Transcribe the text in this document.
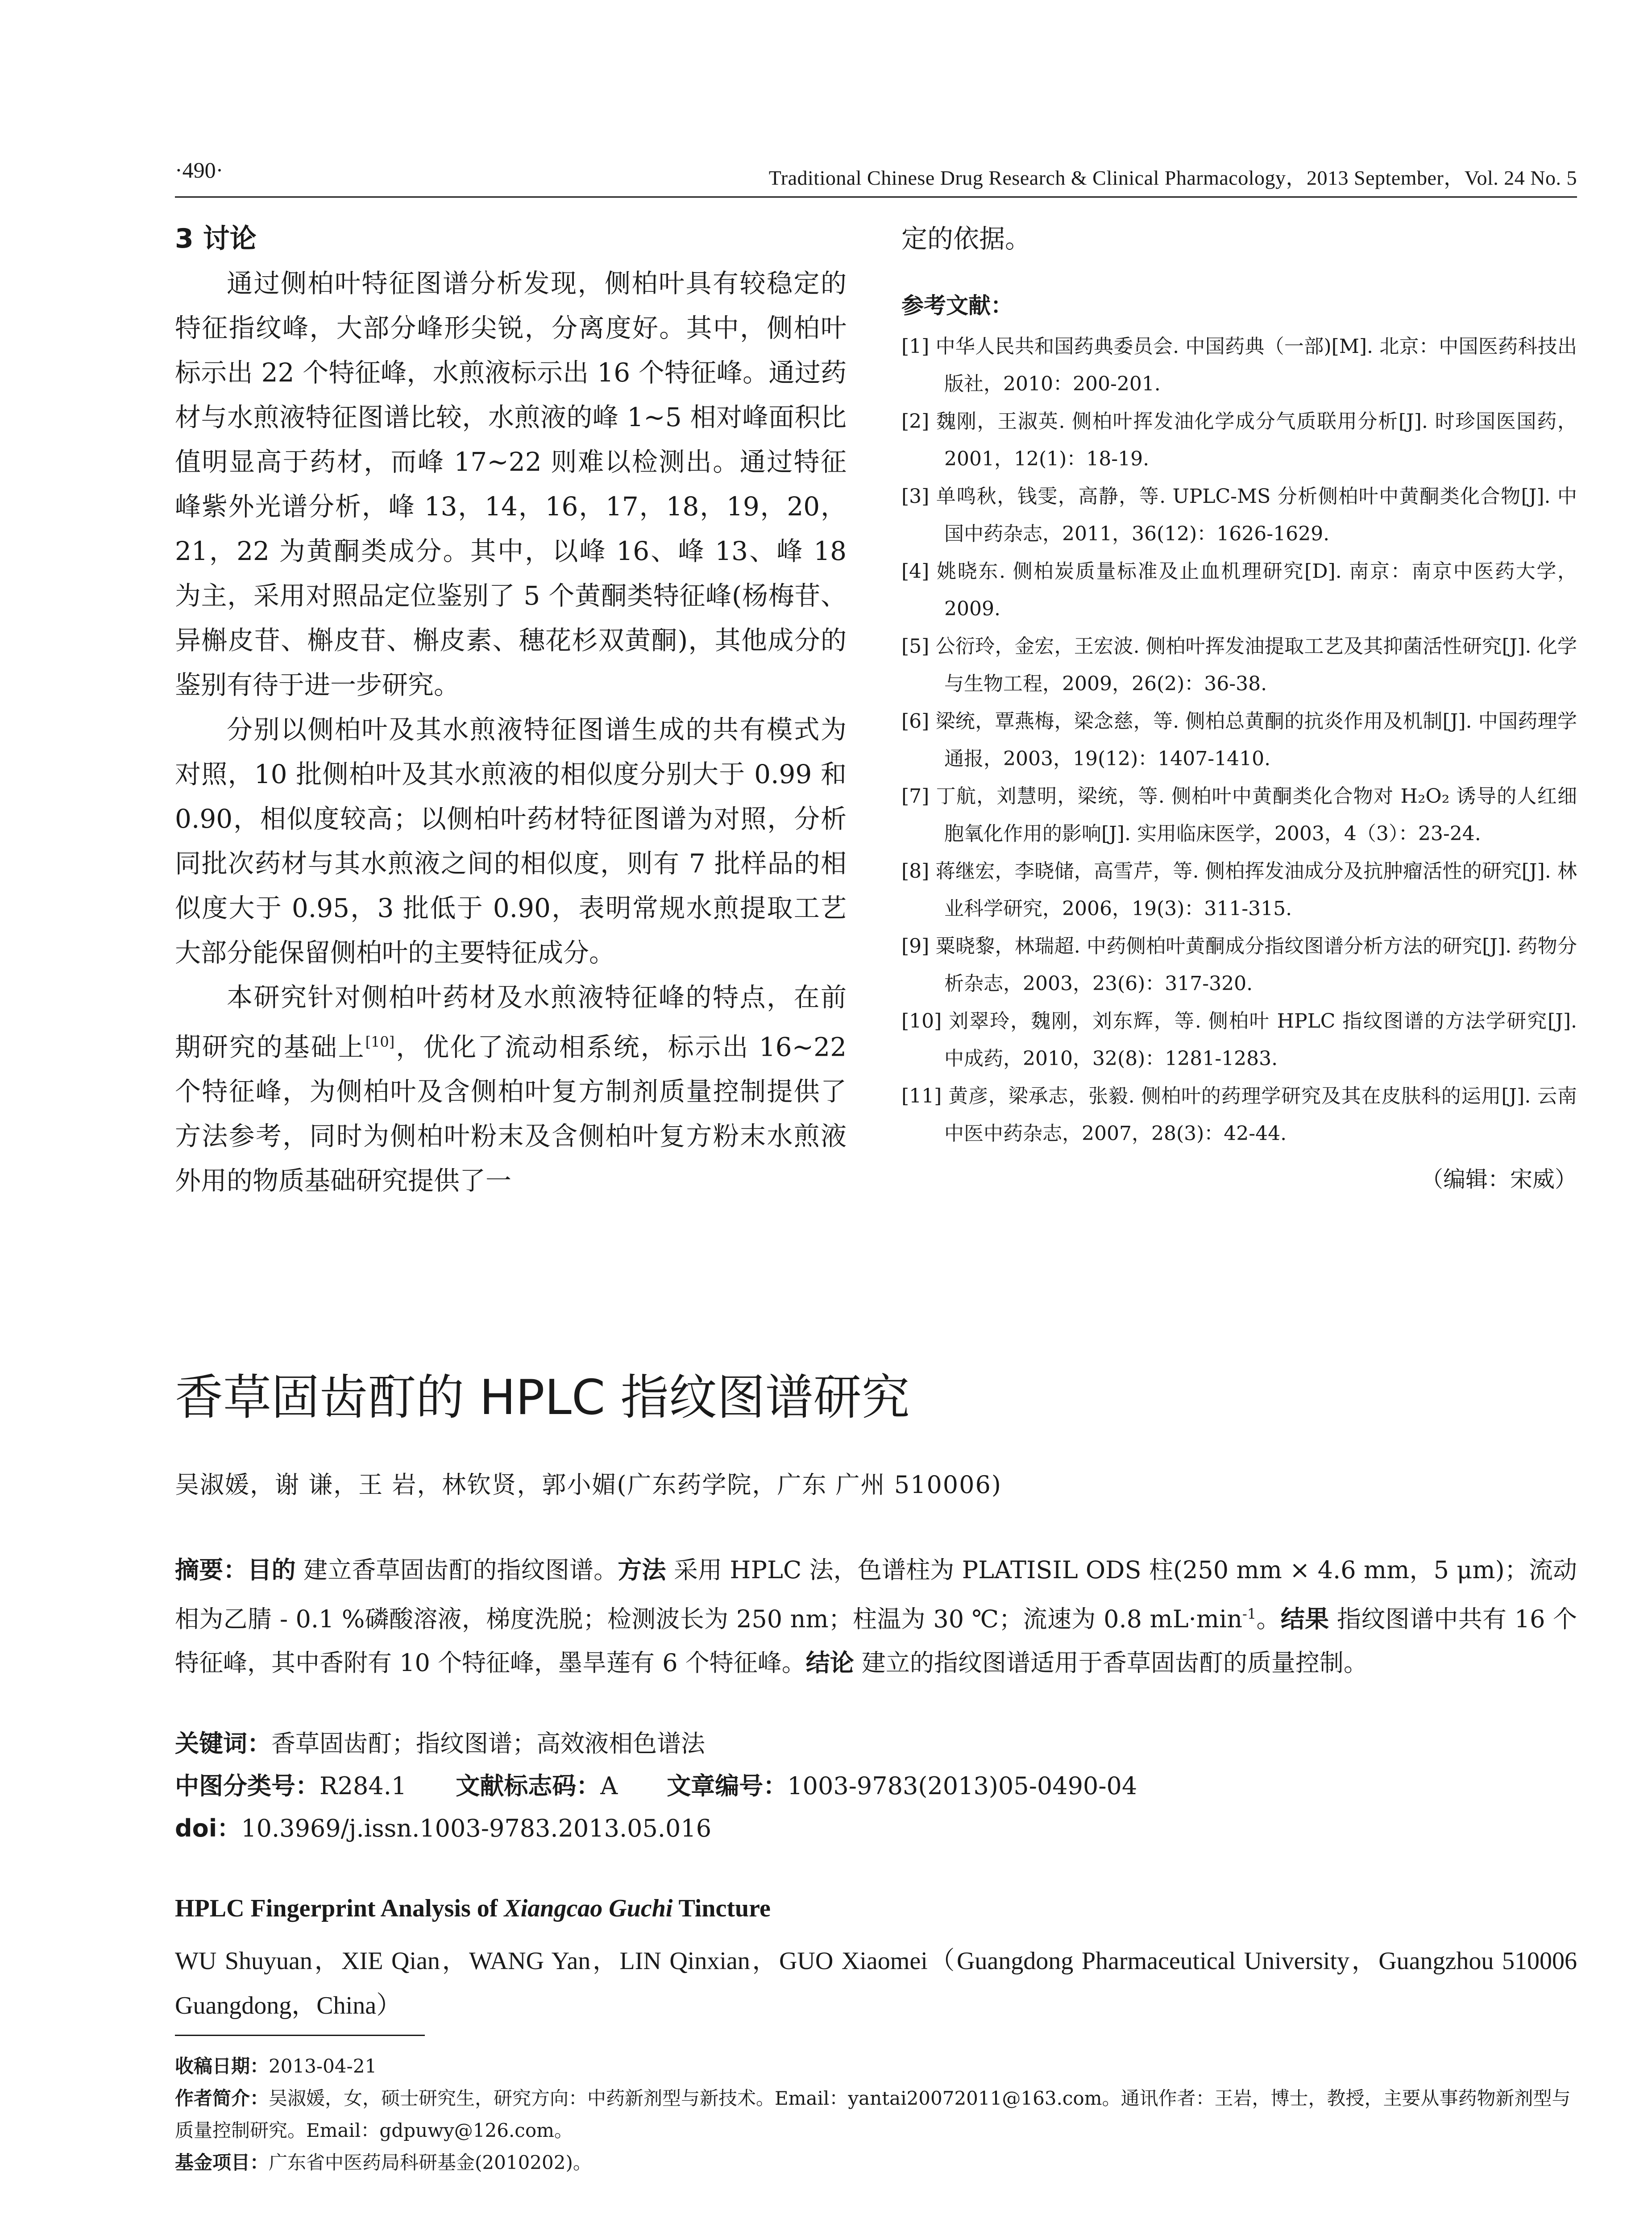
·490·	Traditional Chinese Drug Research & Clinical Pharmacology，2013 September，Vol. 24 No. 5
3 讨论

通过侧柏叶特征图谱分析发现，侧柏叶具有较稳定的特征指纹峰，大部分峰形尖锐，分离度好。其中，侧柏叶标示出 22 个特征峰，水煎液标示出 16 个特征峰。通过药材与水煎液特征图谱比较，水煎液的峰 1~5 相对峰面积比值明显高于药材，而峰 17~22 则难以检测出。通过特征峰紫外光谱分析，峰 13，14，16，17，18，19，20，21，22 为黄酮类成分。其中，以峰 16、峰 13、峰 18 为主，采用对照品定位鉴别了 5 个黄酮类特征峰(杨梅苷、异槲皮苷、槲皮苷、槲皮素、穗花杉双黄酮)，其他成分的鉴别有待于进一步研究。

分别以侧柏叶及其水煎液特征图谱生成的共有模式为对照，10 批侧柏叶及其水煎液的相似度分别大于 0.99 和 0.90，相似度较高；以侧柏叶药材特征图谱为对照，分析同批次药材与其水煎液之间的相似度，则有 7 批样品的相似度大于 0.95，3 批低于 0.90，表明常规水煎提取工艺大部分能保留侧柏叶的主要特征成分。

本研究针对侧柏叶药材及水煎液特征峰的特点，在前期研究的基础上[10]，优化了流动相系统，标示出 16~22 个特征峰，为侧柏叶及含侧柏叶复方制剂质量控制提供了方法参考，同时为侧柏叶粉末及含侧柏叶复方粉末水煎液外用的物质基础研究提供了一

定的依据。

参考文献：
[1] 中华人民共和国药典委员会. 中国药典（一部)[M]. 北京：中国医药科技出版社，2010：200-201.
[2] 魏刚，王淑英. 侧柏叶挥发油化学成分气质联用分析[J]. 时珍国医国药，2001，12(1)：18-19.
[3] 单鸣秋，钱雯，高静，等. UPLC-MS 分析侧柏叶中黄酮类化合物[J]. 中国中药杂志，2011，36(12)：1626-1629.
[4] 姚晓东. 侧柏炭质量标准及止血机理研究[D]. 南京：南京中医药大学，2009.
[5] 公衍玲，金宏，王宏波. 侧柏叶挥发油提取工艺及其抑菌活性研究[J]. 化学与生物工程，2009，26(2)：36-38.
[6] 梁统，覃燕梅，梁念慈，等. 侧柏总黄酮的抗炎作用及机制[J]. 中国药理学通报，2003，19(12)：1407-1410.
[7] 丁航，刘慧明，梁统，等. 侧柏叶中黄酮类化合物对 H₂O₂ 诱导的人红细胞氧化作用的影响[J]. 实用临床医学，2003，4（3）：23-24.
[8] 蒋继宏，李晓储，高雪芹，等. 侧柏挥发油成分及抗肿瘤活性的研究[J]. 林业科学研究，2006，19(3)：311-315.
[9] 粟晓黎，林瑞超. 中药侧柏叶黄酮成分指纹图谱分析方法的研究[J]. 药物分析杂志，2003，23(6)：317-320.
[10] 刘翠玲，魏刚，刘东辉，等. 侧柏叶 HPLC 指纹图谱的方法学研究[J]. 中成药，2010，32(8)：1281-1283.
[11] 黄彦，梁承志，张毅. 侧柏叶的药理学研究及其在皮肤科的运用[J]. 云南中医中药杂志，2007，28(3)：42-44.
（编辑：宋威）
香草固齿酊的 HPLC 指纹图谱研究
吴淑媛，谢 谦，王 岩，林钦贤，郭小媚(广东药学院，广东 广州 510006)
摘要：目的 建立香草固齿酊的指纹图谱。方法 采用 HPLC 法，色谱柱为 PLATISIL ODS 柱(250 mm × 4.6 mm，5 μm)；流动相为乙腈 - 0.1 %磷酸溶液，梯度洗脱；检测波长为 250 nm；柱温为 30 ℃；流速为 0.8 $mL\cdot\min^{-1}$。结果 指纹图谱中共有 16 个特征峰，其中香附有 10 个特征峰，墨旱莲有 6 个特征峰。结论 建立的指纹图谱适用于香草固齿酊的质量控制。
关键词：香草固齿酊；指纹图谱；高效液相色谱法
中图分类号：R284.1 文献标志码：A 文章编号：1003-9783(2013)05-0490-04
doi：10.3969/j.issn.1003-9783.2013.05.016
HPLC Fingerprint Analysis of Xiangcao Guchi Tincture
WU Shuyuan，XIE Qian，WANG Yan，LIN Qinxian，GUO Xiaomei（Guangdong Pharmaceutical University，Guangzhou 510006 Guangdong，China）
收稿日期：2013-04-21
作者简介：吴淑媛，女，硕士研究生，研究方向：中药新剂型与新技术。Email：yantai20072011@163.com。通讯作者：王岩，博士，教授，主要从事药物新剂型与质量控制研究。Email：gdpuwy@126.com。
基金项目：广东省中医药局科研基金(2010202)。
